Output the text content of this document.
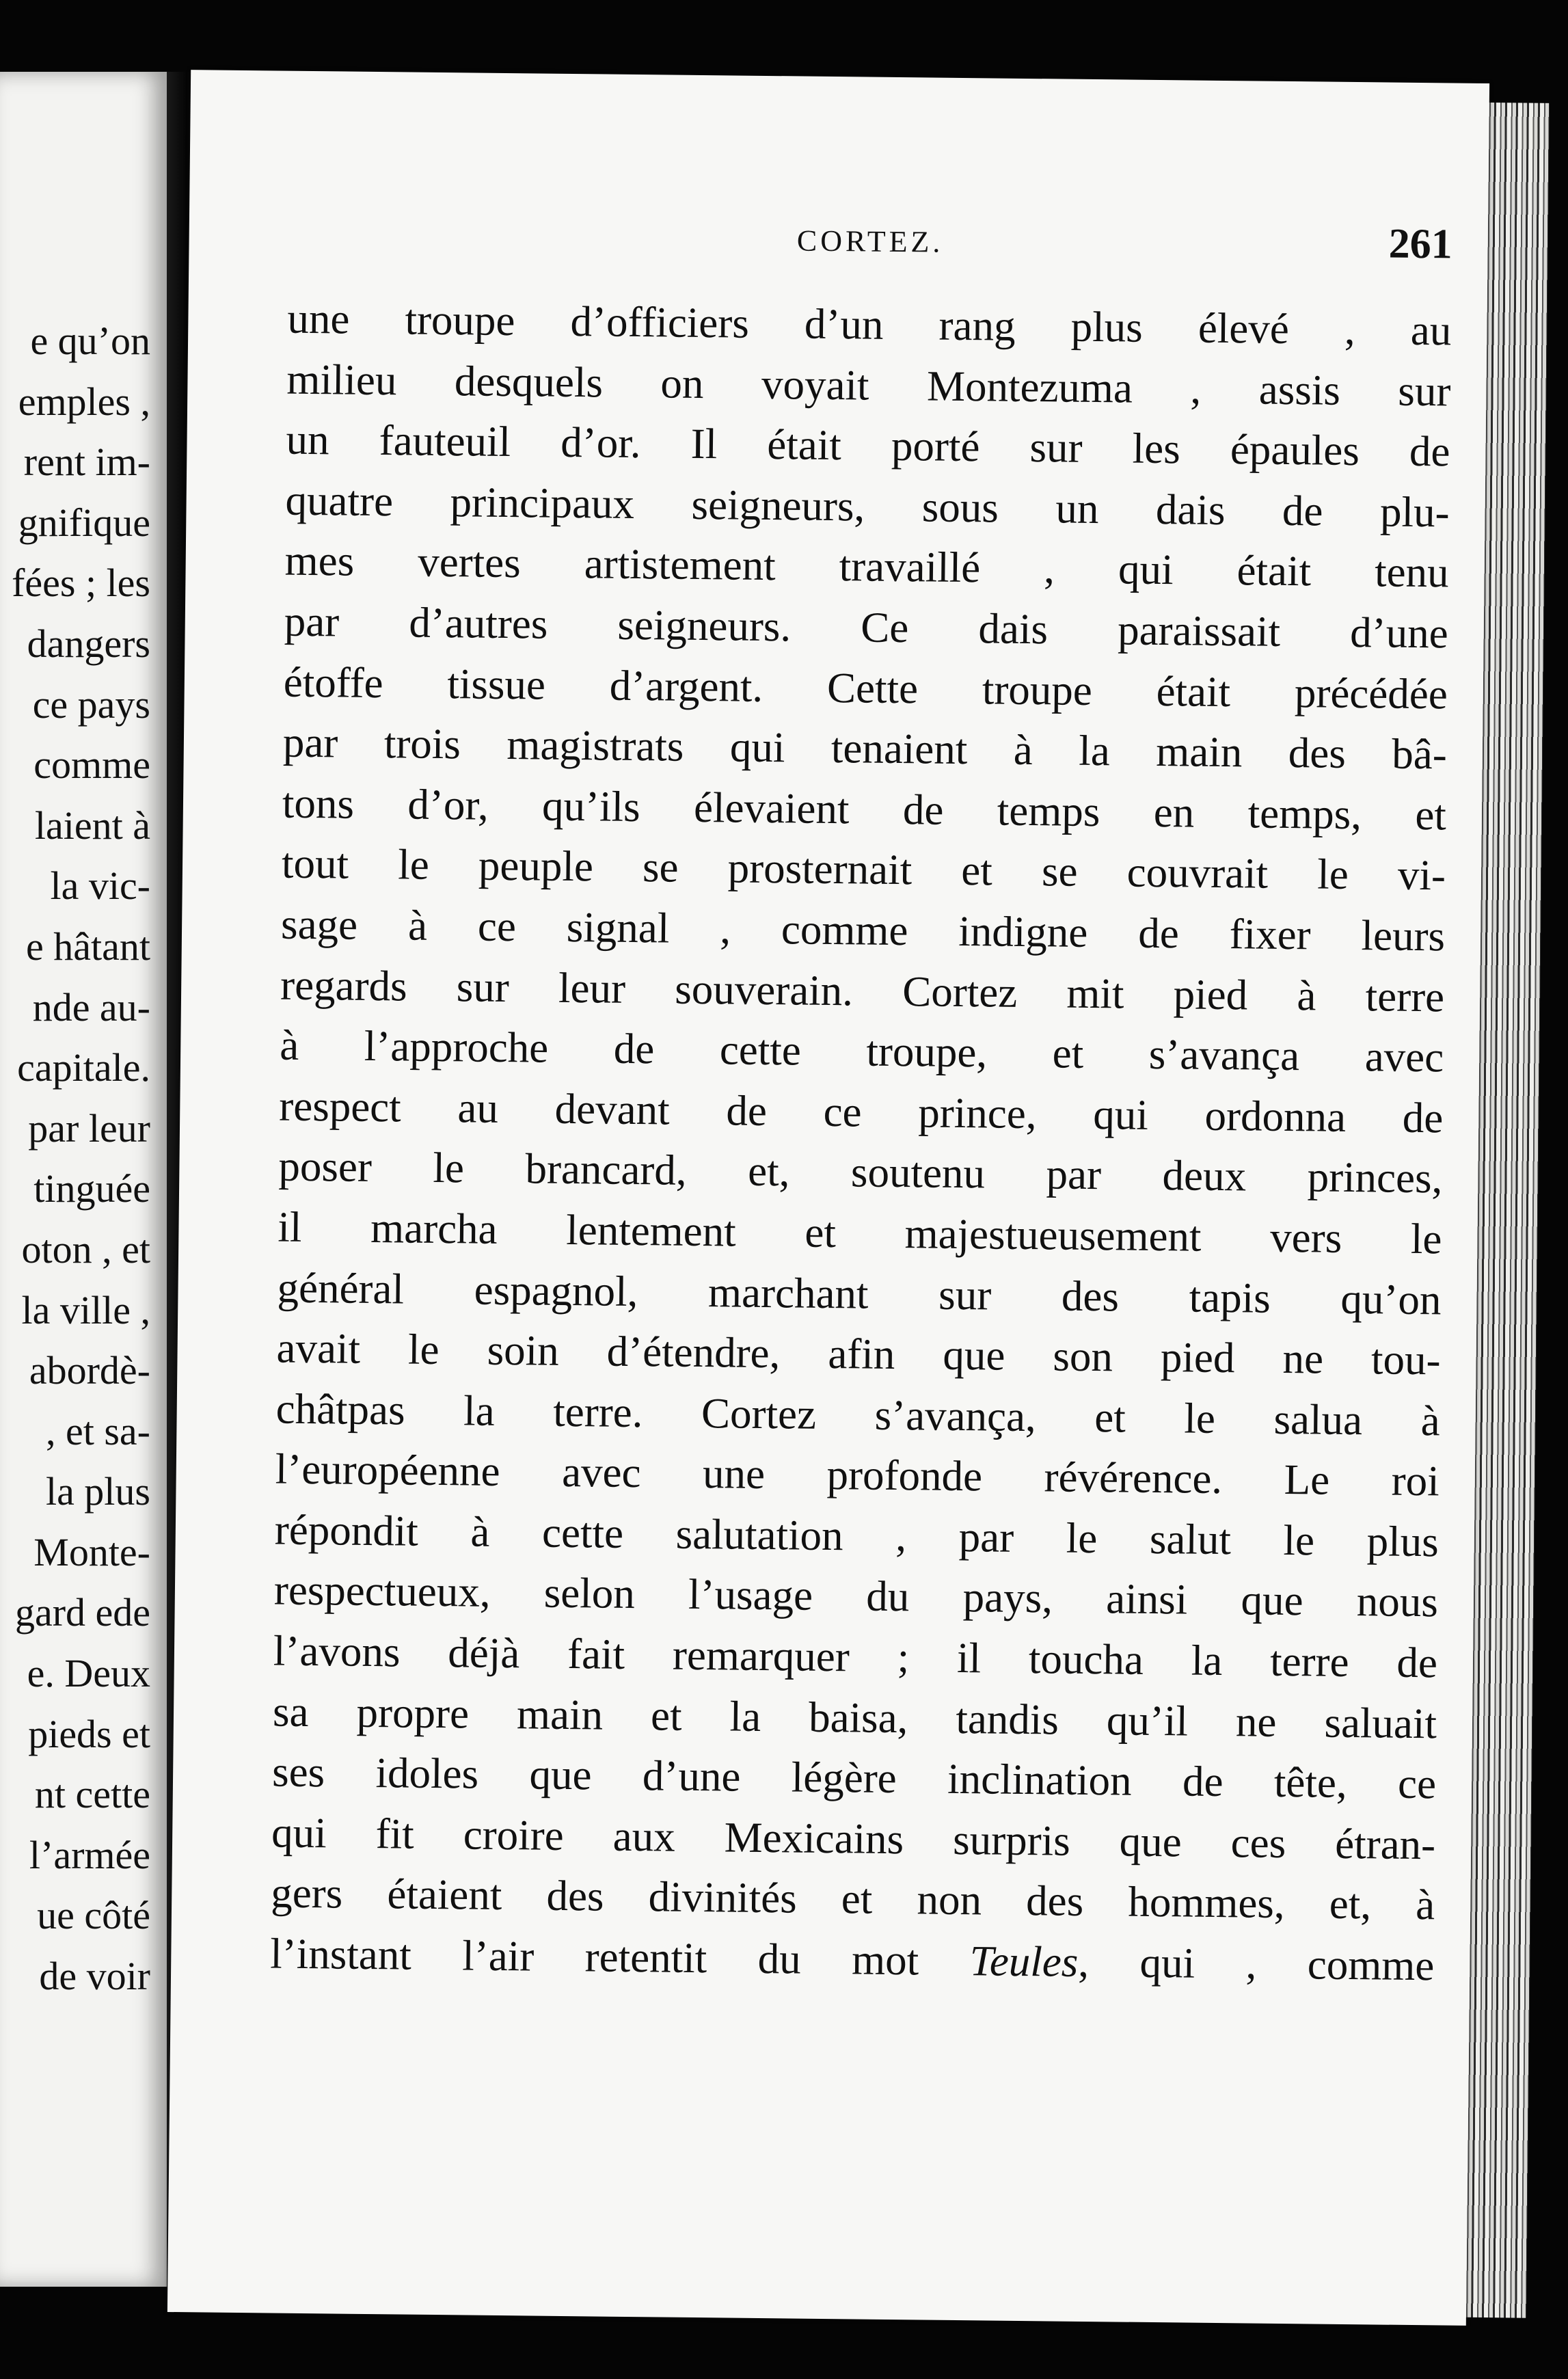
e qu’on
emples ,
rent im-
gnifique
fées ; les
dangers
ce pays
comme
laient à
la vic-
e hâtant
nde au-
capitale.
par leur
tinguée
oton , et
la ville ,
abordè-
, et sa-
la plus
Monte-
gard ede
e. Deux
pieds et
nt cette
l’armée
ue côté
de voir
CORTEZ.	261
une troupe d’officiers d’un rang plus élevé , au
milieu desquels on voyait Montezuma , assis sur
un fauteuil d’or. Il était porté sur les épaules de
quatre principaux seigneurs, sous un dais de plu-
mes vertes artistement travaillé , qui était tenu
par d’autres seigneurs. Ce dais paraissait d’une
étoffe tissue d’argent. Cette troupe était précédée
par trois magistrats qui tenaient à la main des bâ-
tons d’or, qu’ils élevaient de temps en temps, et
tout le peuple se prosternait et se couvrait le vi-
sage à ce signal , comme indigne de fixer leurs
regards sur leur souverain. Cortez mit pied à terre
à l’approche de cette troupe, et s’avança avec
respect au devant de ce prince, qui ordonna de
poser le brancard, et, soutenu par deux princes,
il marcha lentement et majestueusement vers le
général espagnol, marchant sur des tapis qu’on
avait le soin d’étendre, afin que son pied ne tou-
châtpas la terre. Cortez s’avança, et le salua à
l’européenne avec une profonde révérence. Le roi
répondit à cette salutation , par le salut le plus
respectueux, selon l’usage du pays, ainsi que nous
l’avons déjà fait remarquer ; il toucha la terre de
sa propre main et la baisa, tandis qu’il ne saluait
ses idoles que d’une légère inclination de tête, ce
qui fit croire aux Mexicains surpris que ces étran-
gers étaient des divinités et non des hommes, et, à
l’instant l’air retentit du mot Teules, qui , comme
